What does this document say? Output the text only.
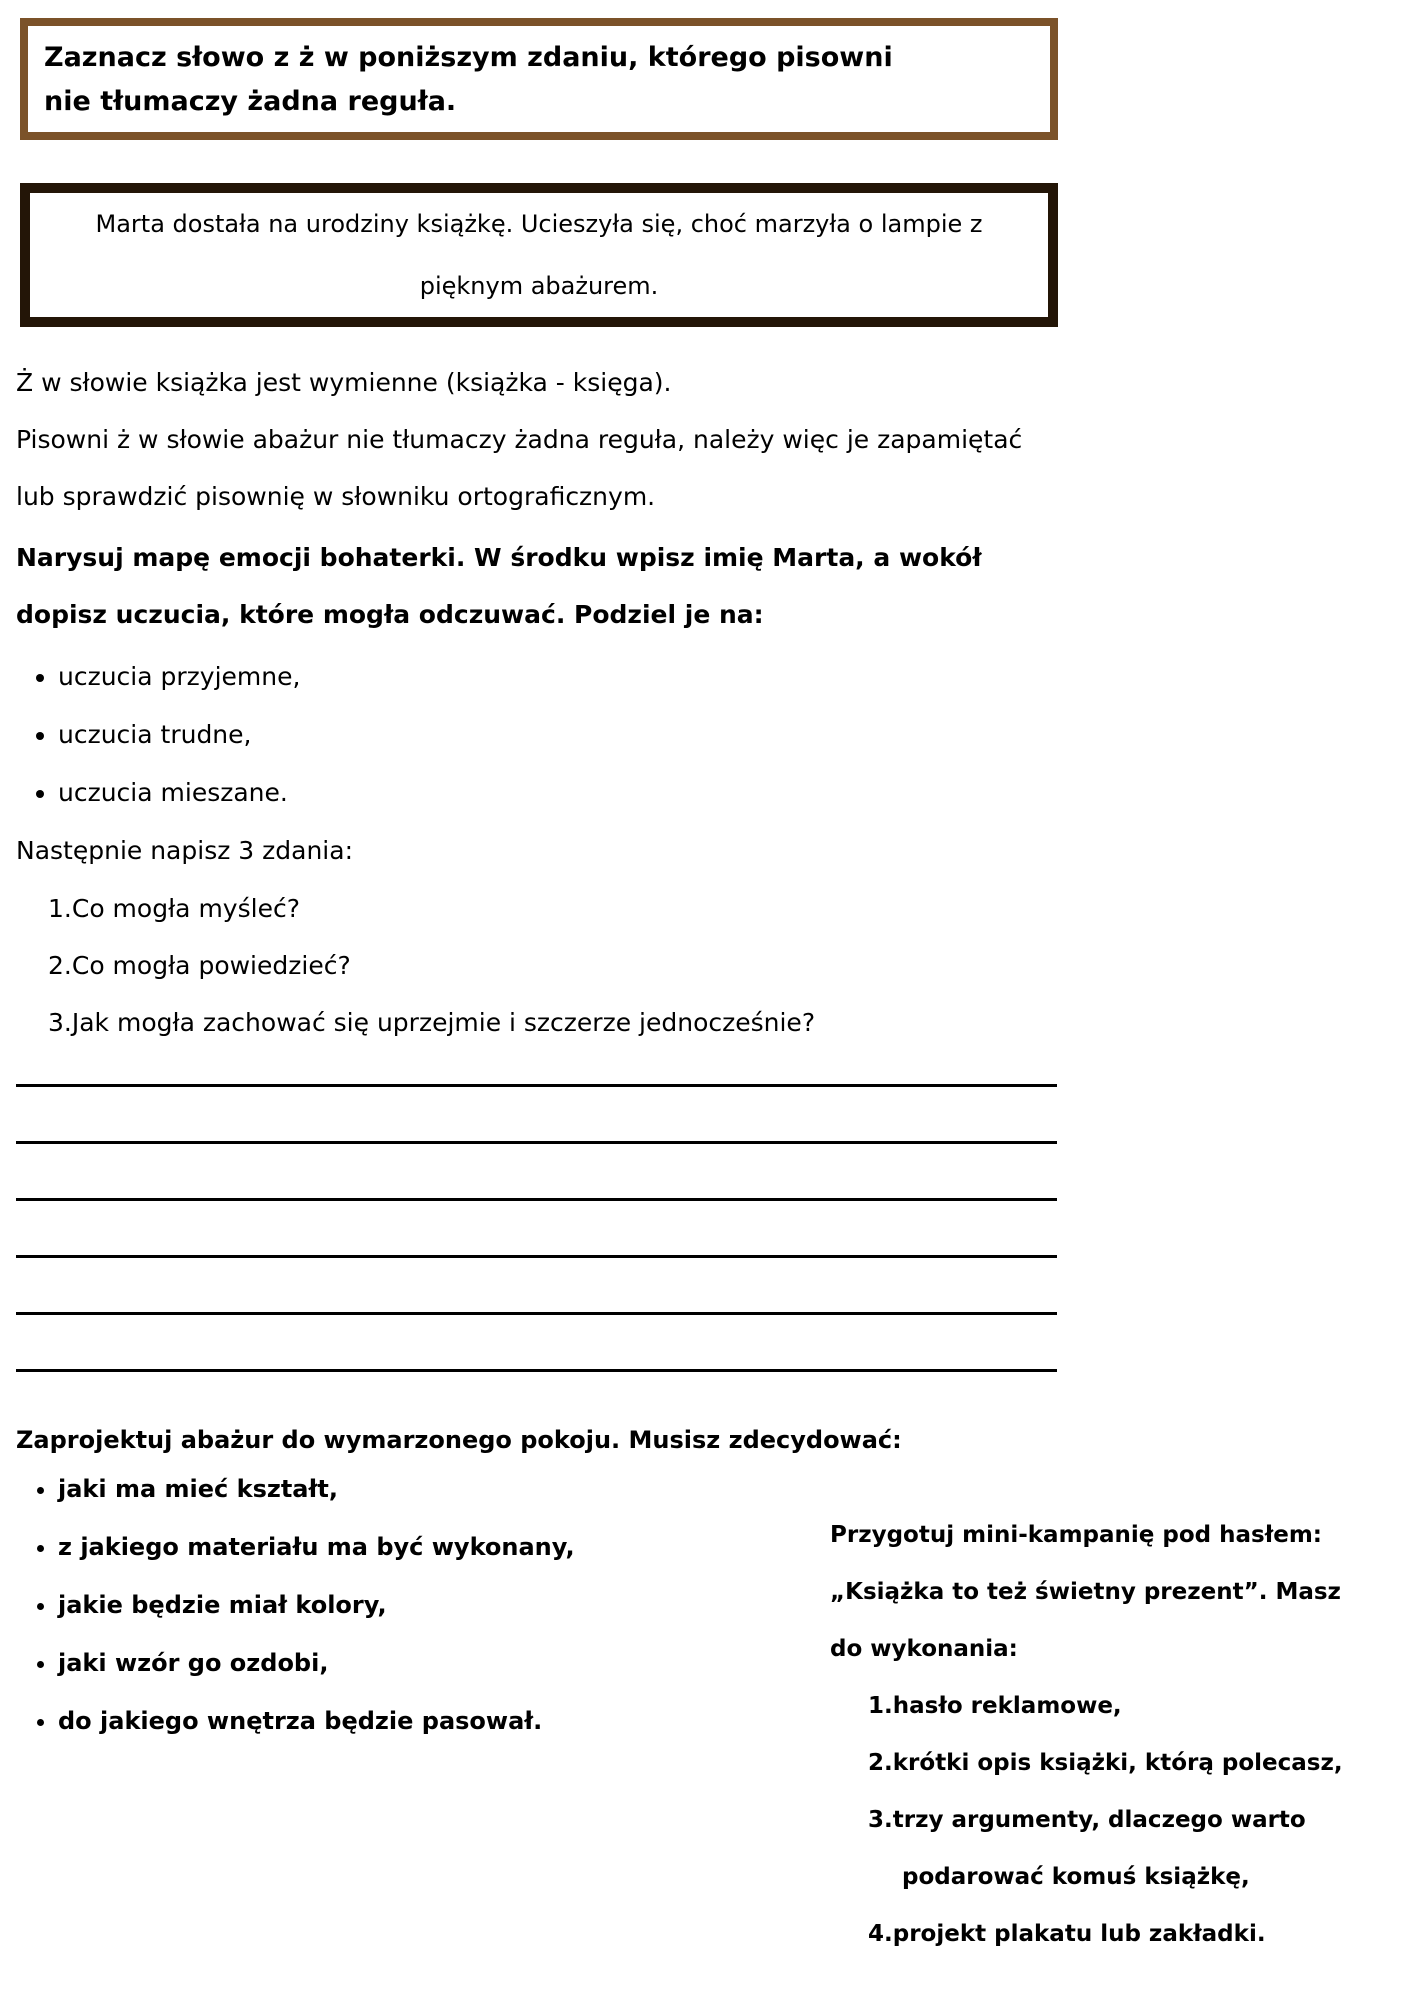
Zaznacz słowo z ż w poniższym zdaniu, którego pisowni
nie tłumaczy żadna reguła.
Marta dostała na urodziny książkę. Ucieszyła się, choć marzyła o lampie z
pięknym abażurem.
Ż w słowie książka jest wymienne (książka - księga).
Pisowni ż w słowie abażur nie tłumaczy żadna reguła, należy więc je zapamiętać
lub sprawdzić pisownię w słowniku ortograficznym.
Narysuj mapę emocji bohaterki. W środku wpisz imię Marta, a wokół
dopisz uczucia, które mogła odczuwać. Podziel je na:
• uczucia przyjemne,
• uczucia trudne,
• uczucia mieszane.
Następnie napisz 3 zdania:
1.Co mogła myśleć?
2.Co mogła powiedzieć?
3.Jak mogła zachować się uprzejmie i szczerze jednocześnie?
Zaprojektuj abażur do wymarzonego pokoju. Musisz zdecydować:
• jaki ma mieć kształt,
• z jakiego materiału ma być wykonany,
• jakie będzie miał kolory,
• jaki wzór go ozdobi,
• do jakiego wnętrza będzie pasował.
Przygotuj mini-kampanię pod hasłem:
„Książka to też świetny prezent”. Masz
do wykonania:
1.hasło reklamowe,
2.krótki opis książki, którą polecasz,
3.trzy argumenty, dlaczego warto
podarować komuś książkę,
4.projekt plakatu lub zakładki.
